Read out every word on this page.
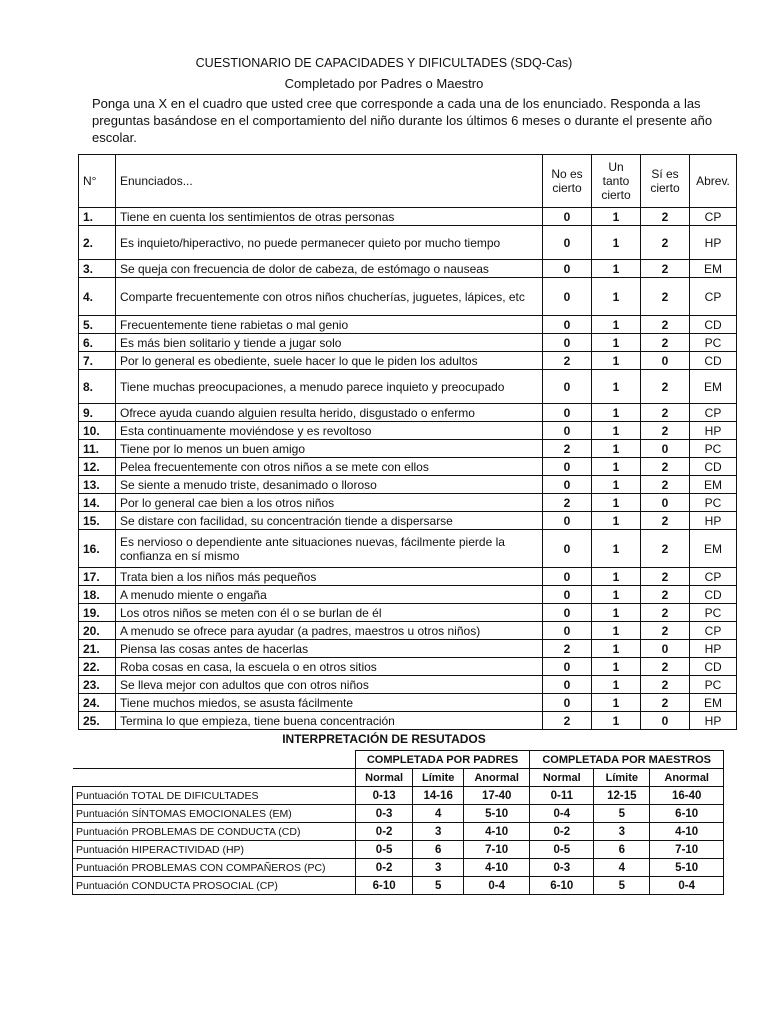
CUESTIONARIO DE CAPACIDADES Y DIFICULTADES (SDQ-Cas)
Completado por Padres o Maestro
Ponga una X en el cuadro que usted cree que corresponde a cada una de los enunciado. Responda a las preguntas basándose en el comportamiento del niño durante los últimos 6 meses o durante el presente año escolar.
N°	Enunciados...	No es cierto	Un tanto cierto	Sí es cierto	Abrev.
1.	Tiene en cuenta los sentimientos de otras personas	0	1	2	CP
2.	Es inquieto/hiperactivo, no puede permanecer quieto por mucho tiempo	0	1	2	HP
3.	Se queja con frecuencia de dolor de cabeza, de estómago o nauseas	0	1	2	EM
4.	Comparte frecuentemente con otros niños chucherías, juguetes, lápices, etc	0	1	2	CP
5.	Frecuentemente tiene rabietas o mal genio	0	1	2	CD
6.	Es más bien solitario y tiende a jugar solo	0	1	2	PC
7.	Por lo general es obediente, suele hacer lo que le piden los adultos	2	1	0	CD
8.	Tiene muchas preocupaciones, a menudo parece inquieto y preocupado	0	1	2	EM
9.	Ofrece ayuda cuando alguien resulta herido, disgustado o enfermo	0	1	2	CP
10.	Esta continuamente moviéndose y es revoltoso	0	1	2	HP
11.	Tiene por lo menos un buen amigo	2	1	0	PC
12.	Pelea frecuentemente con otros niños a se mete con ellos	0	1	2	CD
13.	Se siente a menudo triste, desanimado o lloroso	0	1	2	EM
14.	Por lo general cae bien a los otros niños	2	1	0	PC
15.	Se distare con facilidad, su concentración tiende a dispersarse	0	1	2	HP
16.	Es nervioso o dependiente ante situaciones nuevas, fácilmente pierde la confianza en sí mismo	0	1	2	EM
17.	Trata bien a los niños más pequeños	0	1	2	CP
18.	A menudo miente o engaña	0	1	2	CD
19.	Los otros niños se meten con él o se burlan de él	0	1	2	PC
20.	A menudo se ofrece para ayudar (a padres, maestros u otros niños)	0	1	2	CP
21.	Piensa las cosas antes de hacerlas	2	1	0	HP
22.	Roba cosas en casa, la escuela o en otros sitios	0	1	2	CD
23.	Se lleva mejor con adultos que con otros niños	0	1	2	PC
24.	Tiene muchos miedos, se asusta fácilmente	0	1	2	EM
25.	Termina lo que empieza, tiene buena concentración	2	1	0	HP
INTERPRETACIÓN DE RESUTADOS
	COMPLETADA POR PADRES			COMPLETADA POR MAESTROS		
	Normal	Límite	Anormal	Normal	Límite	Anormal
Puntuación TOTAL DE DIFICULTADES	0-13	14-16	17-40	0-11	12-15	16-40
Puntuación SÍNTOMAS EMOCIONALES (EM)	0-3	4	5-10	0-4	5	6-10
Puntuación PROBLEMAS DE CONDUCTA (CD)	0-2	3	4-10	0-2	3	4-10
Puntuación HIPERACTIVIDAD (HP)	0-5	6	7-10	0-5	6	7-10
Puntuación PROBLEMAS CON COMPAÑEROS (PC)	0-2	3	4-10	0-3	4	5-10
Puntuación CONDUCTA PROSOCIAL (CP)	6-10	5	0-4	6-10	5	0-4
